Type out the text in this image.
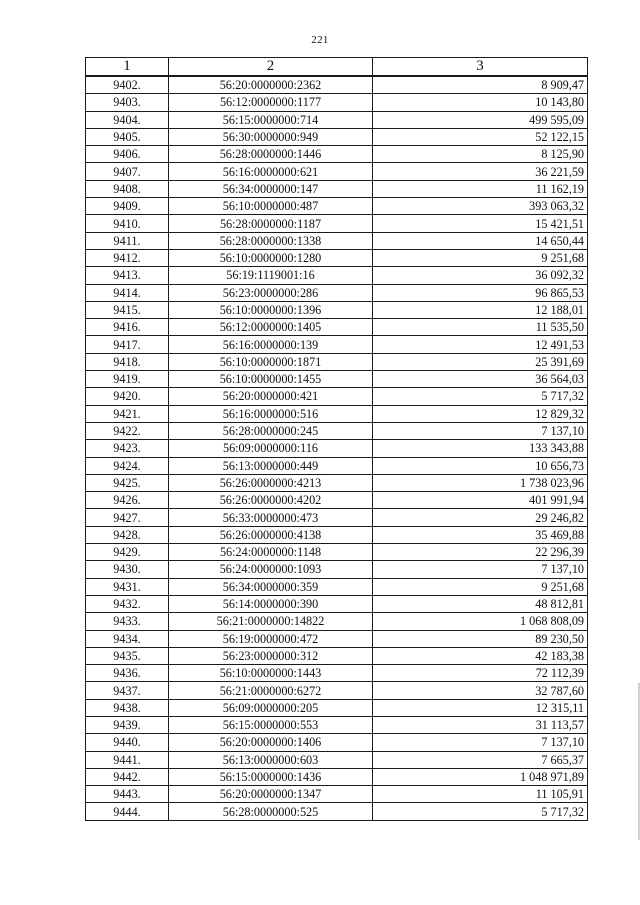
221
1	2	3
9402.	56:20:0000000:2362	8 909,47
9403.	56:12:0000000:1177	10 143,80
9404.	56:15:0000000:714	499 595,09
9405.	56:30:0000000:949	52 122,15
9406.	56:28:0000000:1446	8 125,90
9407.	56:16:0000000:621	36 221,59
9408.	56:34:0000000:147	11 162,19
9409.	56:10:0000000:487	393 063,32
9410.	56:28:0000000:1187	15 421,51
9411.	56:28:0000000:1338	14 650,44
9412.	56:10:0000000:1280	9 251,68
9413.	56:19:1119001:16	36 092,32
9414.	56:23:0000000:286	96 865,53
9415.	56:10:0000000:1396	12 188,01
9416.	56:12:0000000:1405	11 535,50
9417.	56:16:0000000:139	12 491,53
9418.	56:10:0000000:1871	25 391,69
9419.	56:10:0000000:1455	36 564,03
9420.	56:20:0000000:421	5 717,32
9421.	56:16:0000000:516	12 829,32
9422.	56:28:0000000:245	7 137,10
9423.	56:09:0000000:116	133 343,88
9424.	56:13:0000000:449	10 656,73
9425.	56:26:0000000:4213	1 738 023,96
9426.	56:26:0000000:4202	401 991,94
9427.	56:33:0000000:473	29 246,82
9428.	56:26:0000000:4138	35 469,88
9429.	56:24:0000000:1148	22 296,39
9430.	56:24:0000000:1093	7 137,10
9431.	56:34:0000000:359	9 251,68
9432.	56:14:0000000:390	48 812,81
9433.	56:21:0000000:14822	1 068 808,09
9434.	56:19:0000000:472	89 230,50
9435.	56:23:0000000:312	42 183,38
9436.	56:10:0000000:1443	72 112,39
9437.	56:21:0000000:6272	32 787,60
9438.	56:09:0000000:205	12 315,11
9439.	56:15:0000000:553	31 113,57
9440.	56:20:0000000:1406	7 137,10
9441.	56:13:0000000:603	7 665,37
9442.	56:15:0000000:1436	1 048 971,89
9443.	56:20:0000000:1347	11 105,91
9444.	56:28:0000000:525	5 717,32
